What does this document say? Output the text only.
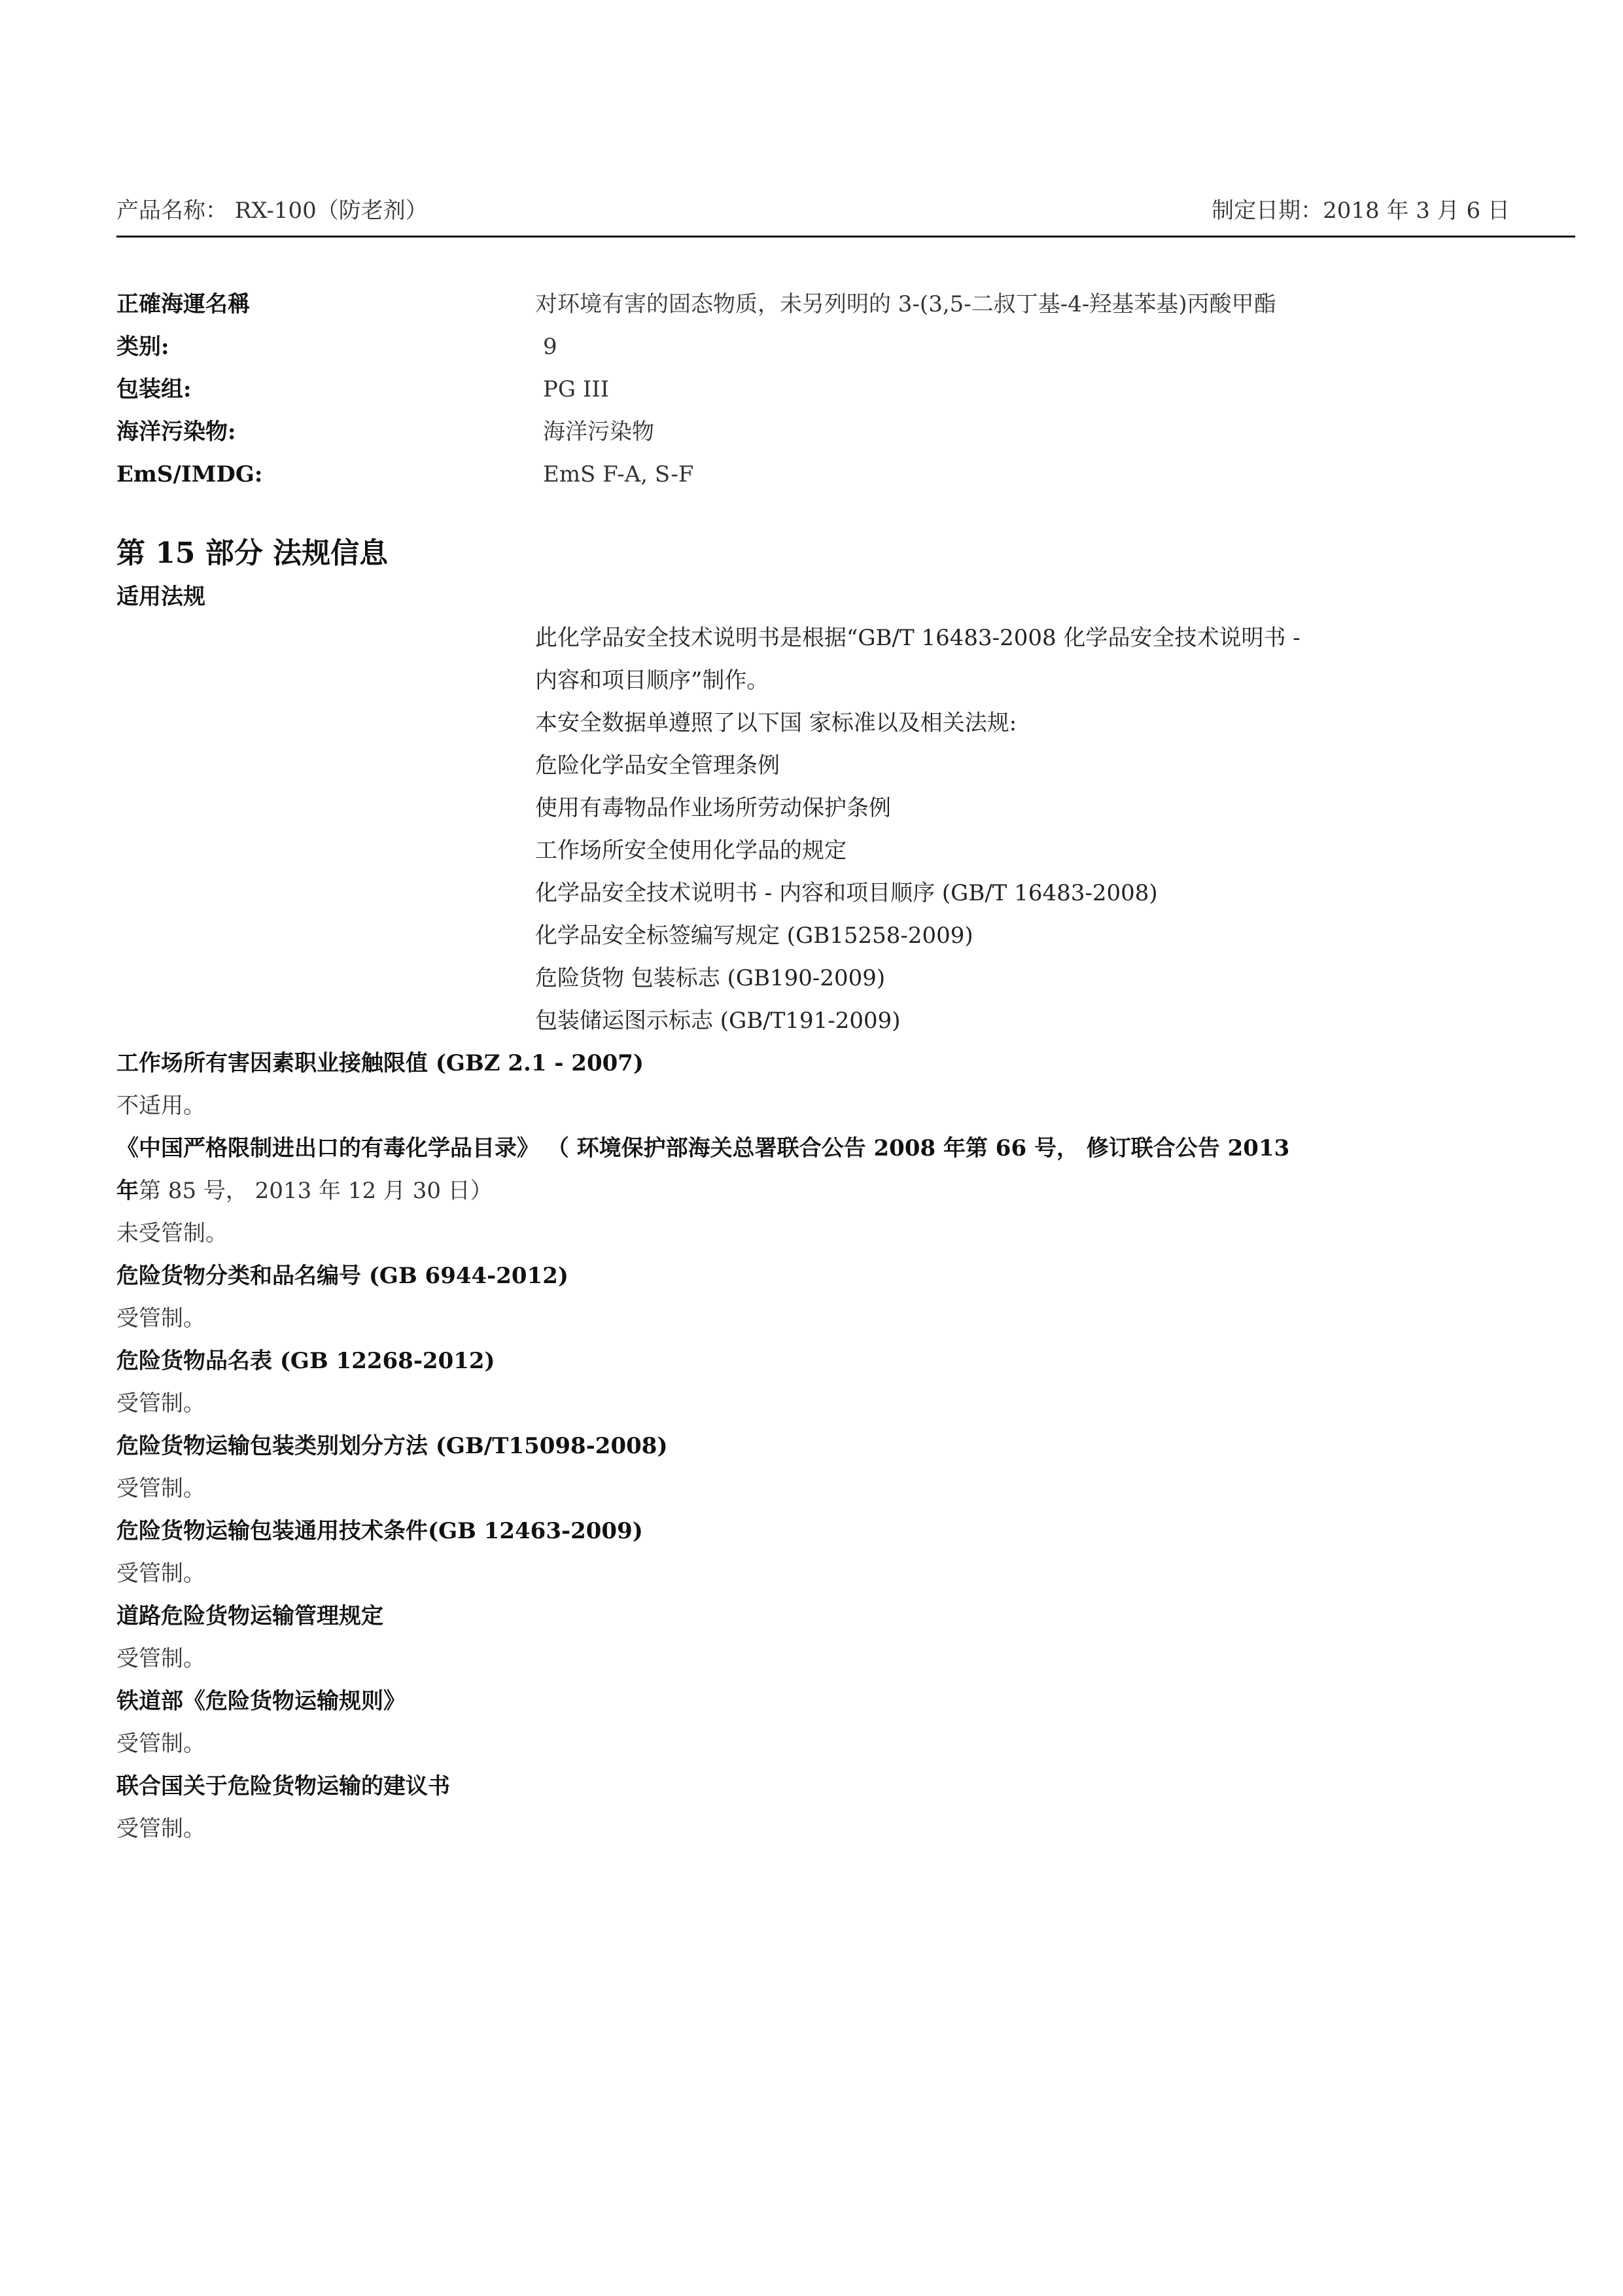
产品名称： RX-100（防老剂）	制定日期：2018 年 3 月 6 日
正確海運名稱	对环境有害的固态物质，未另列明的 3-(3,5-二叔丁基-4-羟基苯基)丙酸甲酯
类别:	9
包装组:	PG III
海洋污染物:	海洋污染物
EmS/IMDG:	EmS F-A, S-F
第 15 部分 法规信息
适用法规
此化学品安全技术说明书是根据“GB/T 16483-2008 化学品安全技术说明书 -
内容和项目顺序”制作。
本安全数据单遵照了以下国 家标准以及相关法规:
危险化学品安全管理条例
使用有毒物品作业场所劳动保护条例
工作场所安全使用化学品的规定
化学品安全技术说明书 - 内容和项目顺序 (GB/T 16483-2008)
化学品安全标签编写规定 (GB15258-2009)
危险货物 包装标志 (GB190-2009)
包装储运图示标志 (GB/T191-2009)
工作场所有害因素职业接触限值 (GBZ 2.1 - 2007)
不适用。
《中国严格限制进出口的有毒化学品目录》 （ 环境保护部海关总署联合公告 2008 年第 66 号， 修订联合公告 2013
年第 85 号， 2013 年 12 月 30 日）
未受管制。
危险货物分类和品名编号 (GB 6944-2012)
受管制。
危险货物品名表 (GB 12268-2012)
受管制。
危险货物运输包装类别划分方法 (GB/T15098-2008)
受管制。
危险货物运输包装通用技术条件(GB 12463-2009)
受管制。
道路危险货物运输管理规定
受管制。
铁道部《危险货物运输规则》
受管制。
联合国关于危险货物运输的建议书
受管制。
